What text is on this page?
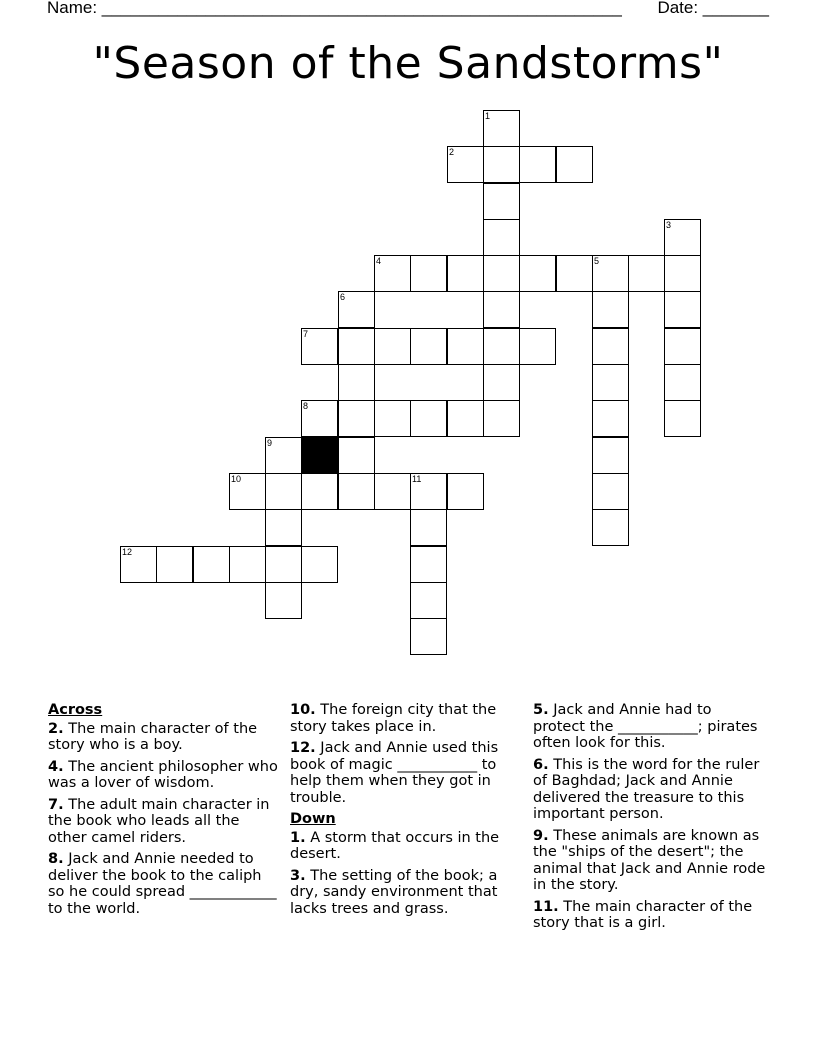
Name: _______________________________________________________ Date: _______
"Season of the Sandstorms"
1
2
3
4	5
6
7
8
9
10	11
12
Across
2. The main character of the story who is a boy.
4. The ancient philosopher who was a lover of wisdom.
7. The adult main character in the book who leads all the other camel riders.
8. Jack and Annie needed to deliver the book to the caliph so he could spread ____________ to the world.
10. The foreign city that the story takes place in.
12. Jack and Annie used this book of magic ___________ to help them when they got in trouble.
Down
1. A storm that occurs in the desert.
3. The setting of the book; a dry, sandy environment that lacks trees and grass.
5. Jack and Annie had to protect the ___________; pirates often look for this.
6. This is the word for the ruler of Baghdad; Jack and Annie delivered the treasure to this important person.
9. These animals are known as the "ships of the desert"; the animal that Jack and Annie rode in the story.
11. The main character of the story that is a girl.
